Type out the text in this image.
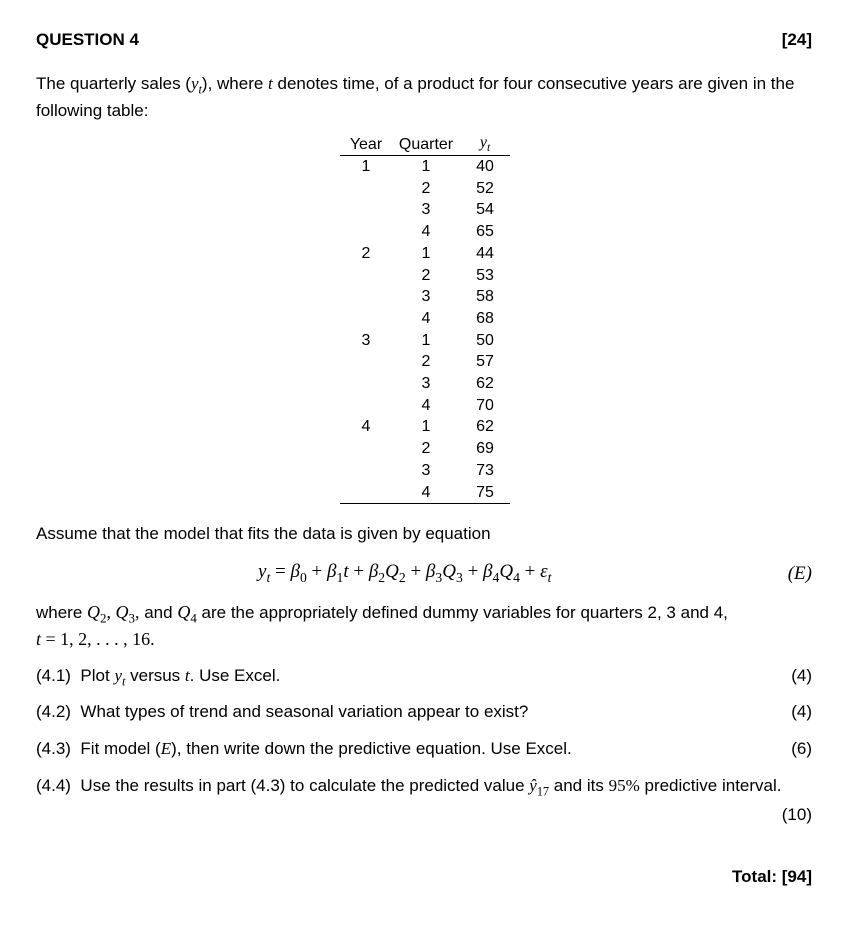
QUESTION 4	[24]
The quarterly sales $(y_t)$, where t denotes time, of a product for four consecutive years are given in the following table:
Year	Quarter	$y_t$
1	1	40
	2	52
	3	54
	4	65
2	1	44
	2	53
	3	58
	4	68
3	1	50
	2	57
	3	62
	4	70
4	1	62
	2	69
	3	73
	4	75
Assume that the model that fits the data is given by equation
$y_t = \beta_0 + \beta_1t + \beta_2Q_2 + \beta_3Q_3 + \beta_4Q_4 + \varepsilon_t$	(E)
where $Q_2$, $Q_3$, and $Q_4$ are the appropriately defined dummy variables for quarters 2, 3 and 4,
t = 1, 2, . . . , 16.
(4.1)  Plot $y_t$ versus t. Use Excel.	(4)
(4.2)  What types of trend and seasonal variation appear to exist?	(4)
(4.3)  Fit model (E), then write down the predictive equation. Use Excel.	(6)
(4.4)  Use the results in part (4.3) to calculate the predicted value $ŷ_{17}$ and its 95% predictive interval.
(10)
Total: [94]
